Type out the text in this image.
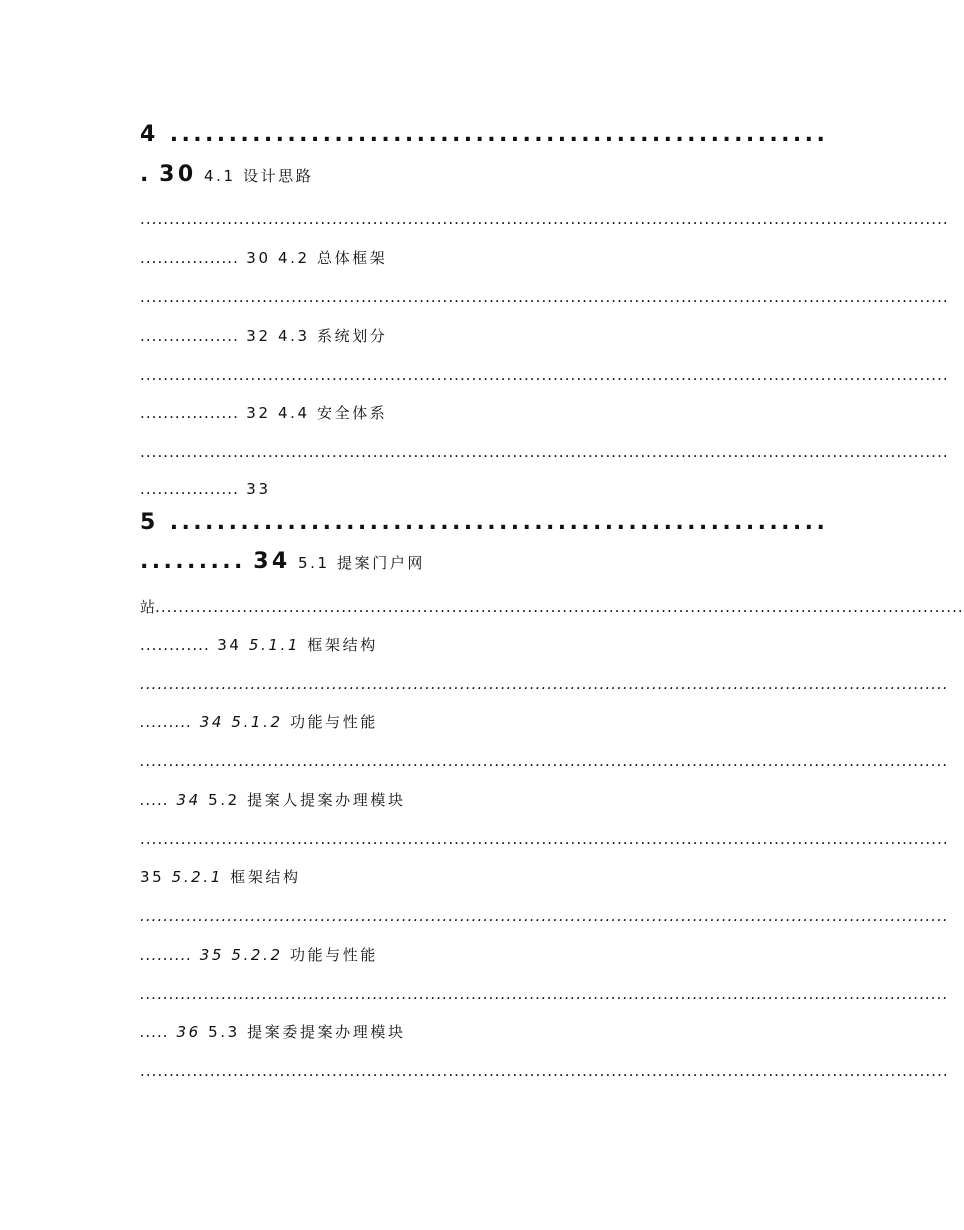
4 ........................................................
. 30 4.1 设计思路
...........................................................................................................................................
................. 30 4.2 总体框架
...........................................................................................................................................
................. 32 4.3 系统划分
...........................................................................................................................................
................. 32 4.4 安全体系
...........................................................................................................................................
................. 33
5 ........................................................
......... 34 5.1 提案门户网
站...........................................................................................................................................
............ 34 5.1.1 框架结构
...........................................................................................................................................
......... 34 5.1.2 功能与性能
...........................................................................................................................................
..... 34 5.2 提案人提案办理模块
...........................................................................................................................................
35 5.2.1 框架结构
...........................................................................................................................................
......... 35 5.2.2 功能与性能
...........................................................................................................................................
..... 36 5.3 提案委提案办理模块
...........................................................................................................................................
